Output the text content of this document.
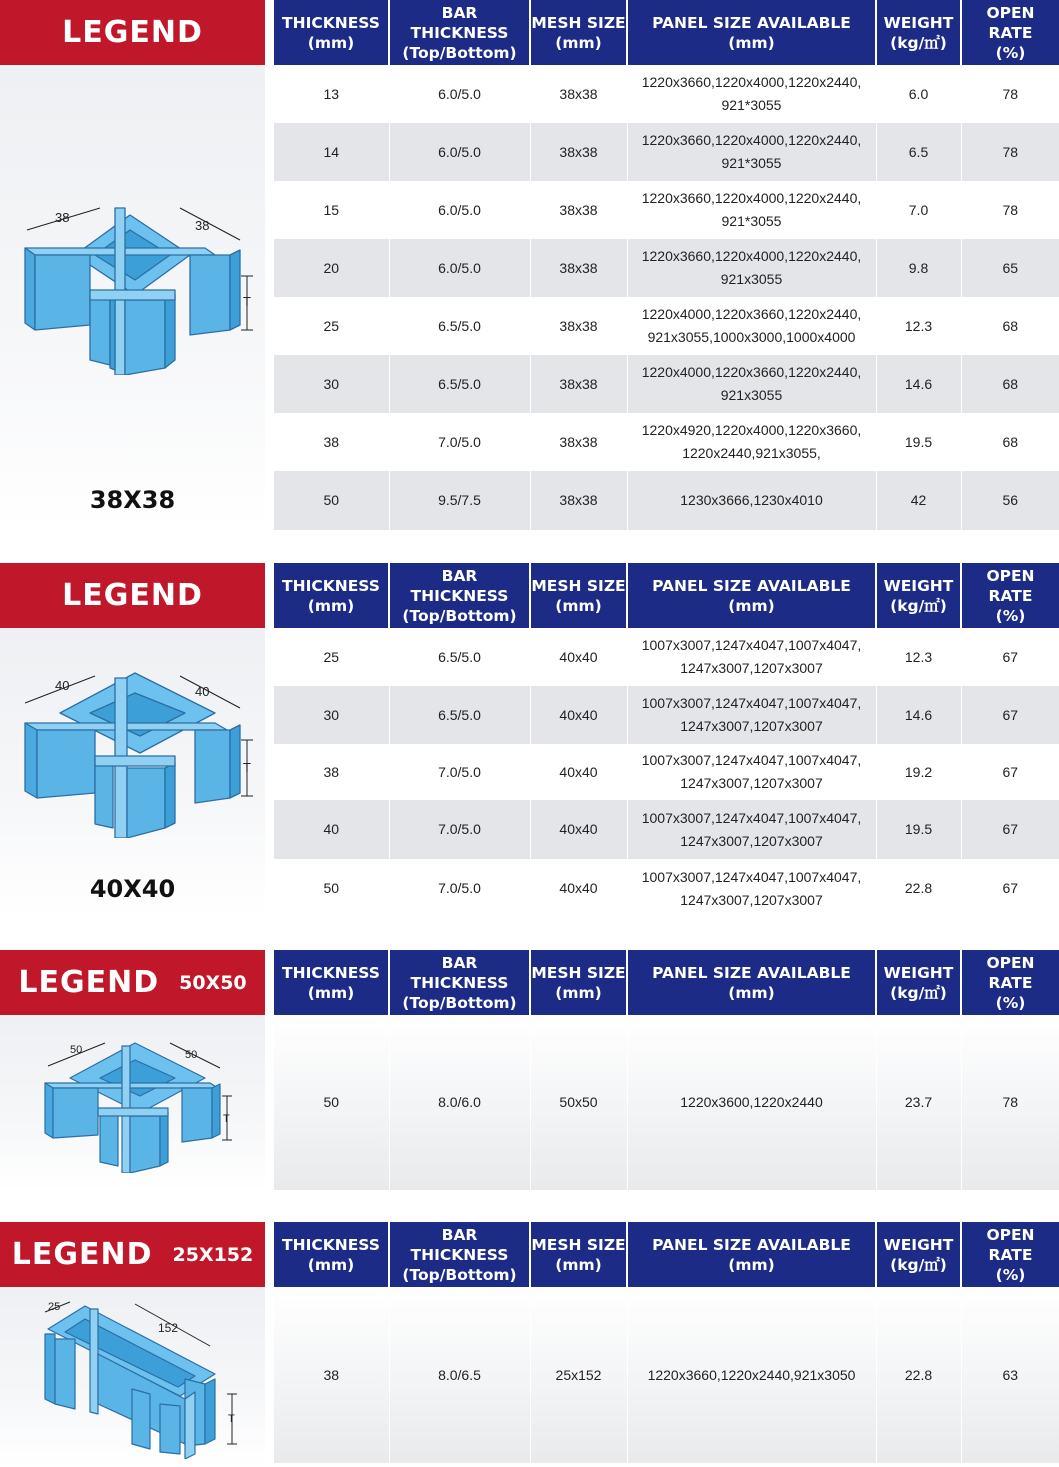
LEGEND
38
38
T
38X38
THICKNESS
(mm)	BAR THICKNESS
(Top/Bottom)	MESH SIZE
(mm)	PANEL SIZE AVAILABLE
(mm)	WEIGHT
(kg/㎡)	OPEN RATE
(%)

13	6.0/5.0	38x38	1220x3660,1220x4000,1220x2440,
921*3055	6.0	78
14	6.0/5.0	38x38	1220x3660,1220x4000,1220x2440,
921*3055	6.5	78
15	6.0/5.0	38x38	1220x3660,1220x4000,1220x2440,
921*3055	7.0	78
20	6.0/5.0	38x38	1220x3660,1220x4000,1220x2440,
921x3055	9.8	65
25	6.5/5.0	38x38	1220x4000,1220x3660,1220x2440,
921x3055,1000x3000,1000x4000	12.3	68
30	6.5/5.0	38x38	1220x4000,1220x3660,1220x2440,
921x3055	14.6	68
38	7.0/5.0	38x38	1220x4920,1220x4000,1220x3660,
1220x2440,921x3055,	19.5	68
50	9.5/7.5	38x38	1230x3666,1230x4010	42	56
LEGEND
40	40
T
40X40
THICKNESS
(mm)	BAR THICKNESS
(Top/Bottom)	MESH SIZE
(mm)	PANEL SIZE AVAILABLE
(mm)	WEIGHT
(kg/㎡)	OPEN RATE
(%)

25	6.5/5.0	40x40	1007x3007,1247x4047,1007x4047,
1247x3007,1207x3007	12.3	67
30	6.5/5.0	40x40	1007x3007,1247x4047,1007x4047,
1247x3007,1207x3007	14.6	67
38	7.0/5.0	40x40	1007x3007,1247x4047,1007x4047,
1247x3007,1207x3007	19.2	67
40	7.0/5.0	40x40	1007x3007,1247x4047,1007x4047,
1247x3007,1207x3007	19.5	67
50	7.0/5.0	40x40	1007x3007,1247x4047,1007x4047,
1247x3007,1207x3007	22.8	67
LEGEND 50X50
50	50
T
THICKNESS
(mm)	BAR THICKNESS
(Top/Bottom)	MESH SIZE
(mm)	PANEL SIZE AVAILABLE
(mm)	WEIGHT
(kg/㎡)	OPEN RATE
(%)

50	8.0/6.0	50x50	1220x3600,1220x2440	23.7	78
LEGEND 25X152
25
152
T
THICKNESS
(mm)	BAR THICKNESS
(Top/Bottom)	MESH SIZE
(mm)	PANEL SIZE AVAILABLE
(mm)	WEIGHT
(kg/㎡)	OPEN RATE
(%)

38	8.0/6.5	25x152	1220x3660,1220x2440,921x3050	22.8	63
